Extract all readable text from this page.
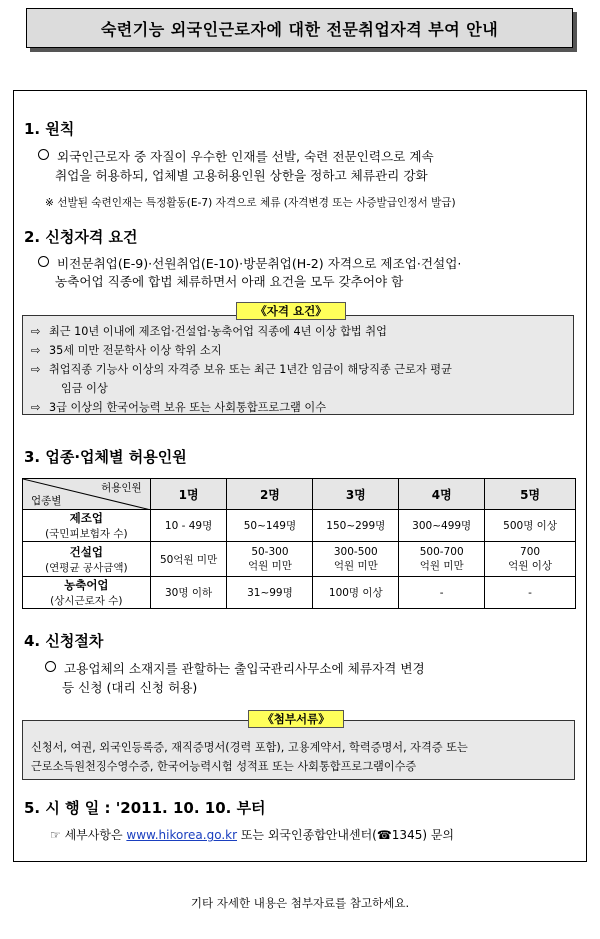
숙련기능 외국인근로자에 대한 전문취업자격 부여 안내
1. 원칙
외국인근로자 중 자질이 우수한 인재를 선발, 숙련 전문인력으로 계속
취업을 허용하되, 업체별 고용허용인원 상한을 정하고 체류관리 강화
※ 선발된 숙련인재는 특정활동(E-7) 자격으로 체류 (자격변경 또는 사증발급인정서 발급)
2. 신청자격 요건
비전문취업(E-9)·선원취업(E-10)·방문취업(H-2) 자격으로 제조업·건설업·
농축어업 직종에 합법 체류하면서 아래 요건을 모두 갖추어야 함
⇨ 최근 10년 이내에 제조업·건설업·농축어업 직종에 4년 이상 합법 취업
⇨ 35세 미만 전문학사 이상 학위 소지
⇨ 취업직종 기능사 이상의 자격증 보유 또는 최근 1년간 임금이 해당직종 근로자 평균
임금 이상
⇨ 3급 이상의 한국어능력 보유 또는 사회통합프로그램 이수
《자격 요건》
3. 업종·업체별 허용인원
허용인원
업종별	1명	2명	3명	4명	5명
제조업
(국민피보험자 수)	10 - 49명	50~149명	150~299명	300~499명	500명 이상
건설업
(연평균 공사금액)	50억원 미만	50-300
억원 미만	300-500
억원 미만	500-700
억원 미만	700
억원 이상
농축어업
(상시근로자 수)	30명 이하	31~99명	100명 이상	-	-
4. 신청절차
고용업체의 소재지를 관할하는 출입국관리사무소에 체류자격 변경
등 신청 (대리 신청 허용)
신청서, 여권, 외국인등록증, 재직증명서(경력 포함), 고용계약서, 학력증명서, 자격증 또는
근로소득원천징수영수증, 한국어능력시험 성적표 또는 사회통합프로그램이수증
《첨부서류》
5. 시 행 일 : '2011. 10. 10. 부터
☞ 세부사항은 www.hikorea.go.kr 또는 외국인종합안내센터(☎1345) 문의
기타 자세한 내용은 첨부자료를 참고하세요.
